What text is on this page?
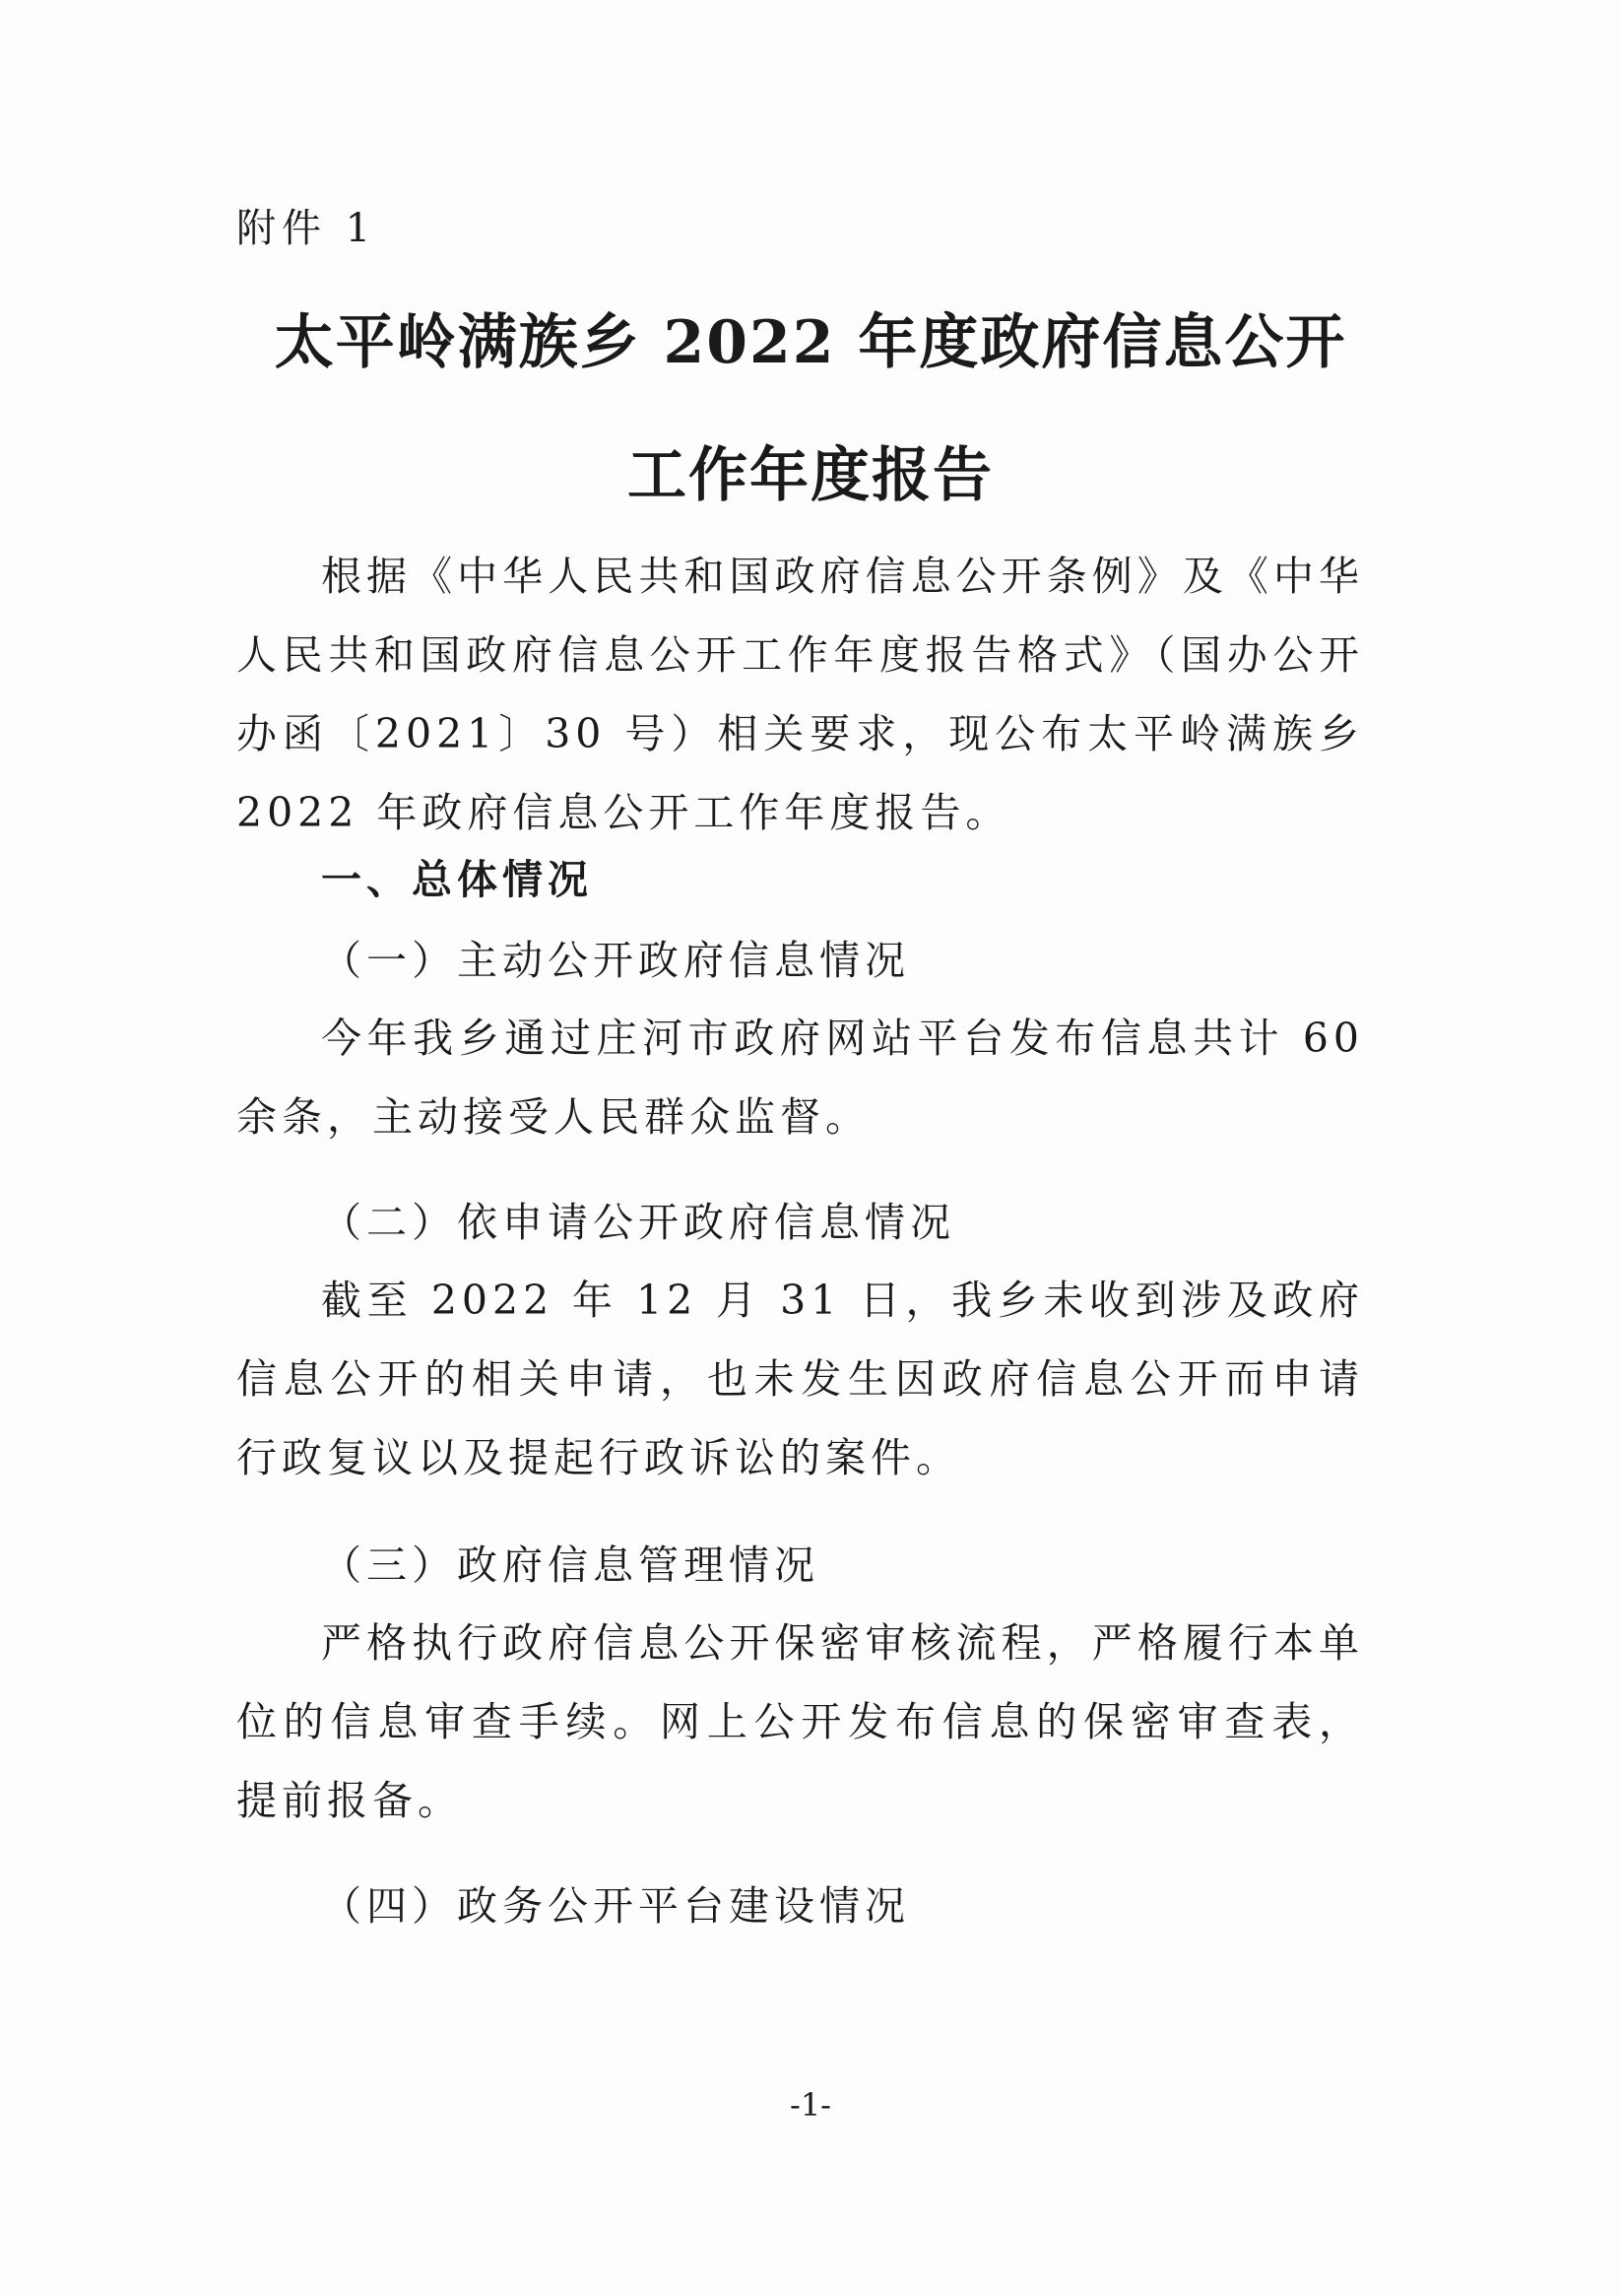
附件 1
太平岭满族乡 2022 年度政府信息公开
工作年度报告
根据《中华人民共和国政府信息公开条例》及《中华人民共和国政府信息公开工作年度报告格式》（国办公开办函〔2021〕30 号）相关要求，现公布太平岭满族乡 2022 年政府信息公开工作年度报告。
一、总体情况
（一）主动公开政府信息情况
今年我乡通过庄河市政府网站平台发布信息共计 60 余条，主动接受人民群众监督。
（二）依申请公开政府信息情况
截至 2022 年 12 月 31 日，我乡未收到涉及政府信息公开的相关申请，也未发生因政府信息公开而申请行政复议以及提起行政诉讼的案件。
（三）政府信息管理情况
严格执行政府信息公开保密审核流程，严格履行本单位的信息审查手续。网上公开发布信息的保密审查表，提前报备。
（四）政务公开平台建设情况
-1-
